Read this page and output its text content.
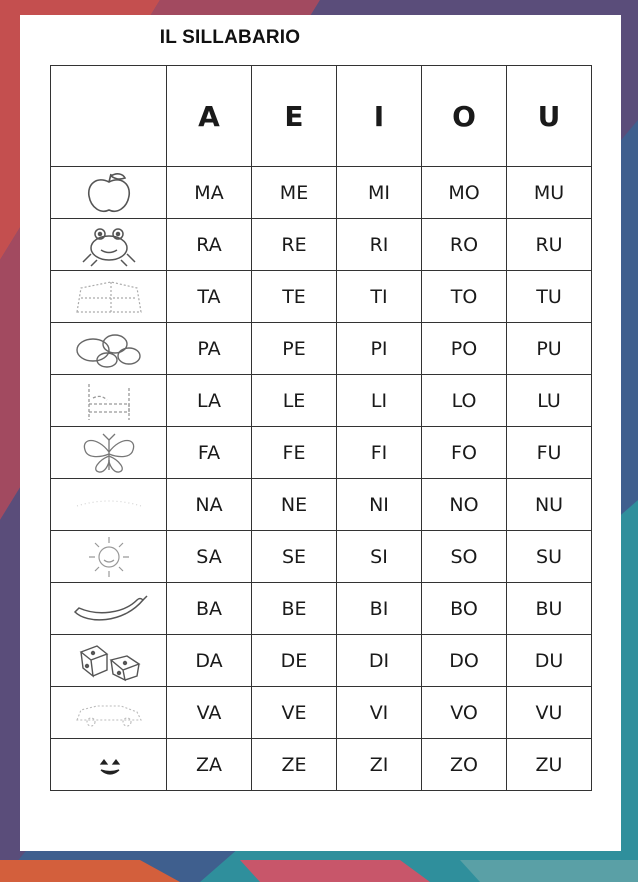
IL SILLABARIO
	A	E	I	O	U

	MA	ME	MI	MO	MU

	RA	RE	RI	RO	RU

	TA	TE	TI	TO	TU

	PA	PE	PI	PO	PU

	LA	LE	LI	LO	LU

	FA	FE	FI	FO	FU

	NA	NE	NI	NO	NU

	SA	SE	SI	SO	SU

	BA	BE	BI	BO	BU

	DA	DE	DI	DO	DU

	VA	VE	VI	VO	VU

	ZA	ZE	ZI	ZO	ZU
